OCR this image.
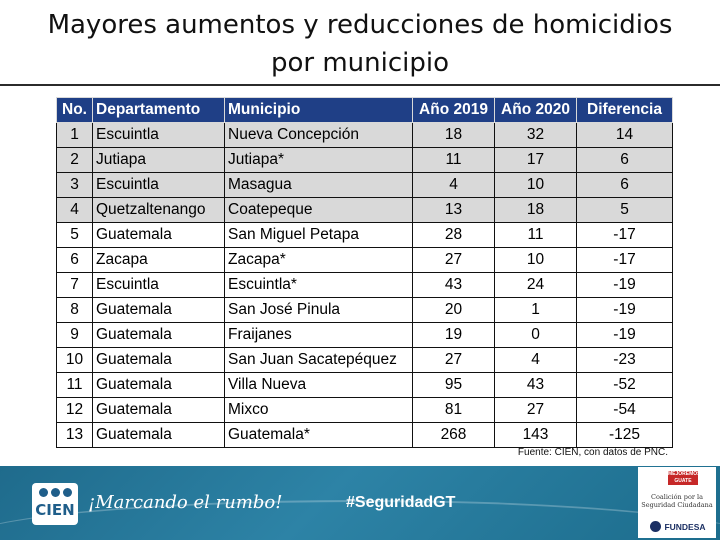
Mayores aumentos y reducciones de homicidios
por municipio
No.	Departamento	Municipio	Año 2019	Año 2020	Diferencia
1	Escuintla	Nueva Concepción	18	32	14
2	Jutiapa	Jutiapa*	11	17	6
3	Escuintla	Masagua	4	10	6
4	Quetzaltenango	Coatepeque	13	18	5
5	Guatemala	San Miguel Petapa	28	11	-17
6	Zacapa	Zacapa*	27	10	-17
7	Escuintla	Escuintla*	43	24	-19
8	Guatemala	San José Pinula	20	1	-19
9	Guatemala	Fraijanes	19	0	-19
10	Guatemala	San Juan Sacatepéquez	27	4	-23
11	Guatemala	Villa Nueva	95	43	-52
12	Guatemala	Mixco	81	27	-54
13	Guatemala	Guatemala*	268	143	-125
Fuente: CIEN, con datos de PNC.
CIEN ¡Marcando el rumbo!	#SeguridadGT
MEJOREMOS GUATE
Coalición por la Seguridad Ciudadana
FUNDESA
